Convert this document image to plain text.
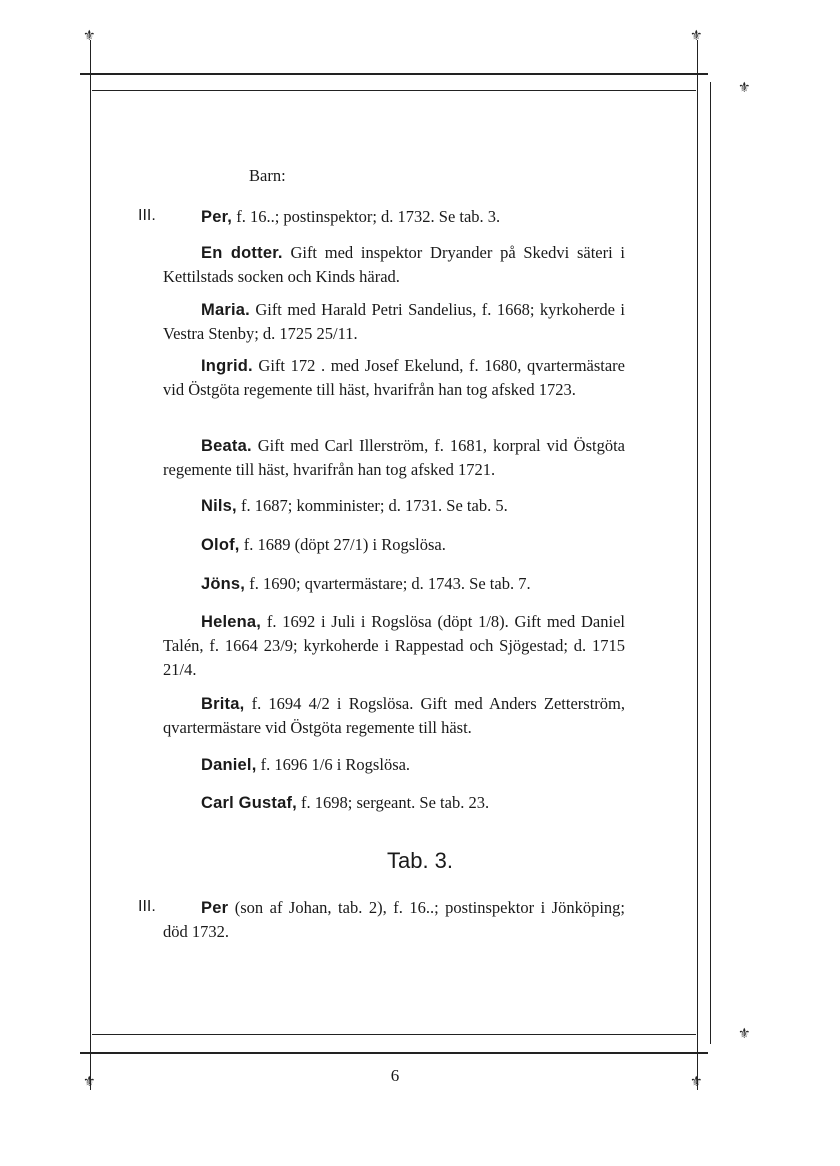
⚜	⚜
⚜	⚜
⚜
⚜
Barn:
III.	Per, f. 16..; postinspektor; d. 1732. Se tab. 3.
En dotter. Gift med inspektor Dryander på Skedvi säteri i Kettilstads socken och Kinds härad.
Maria. Gift med Harald Petri Sandelius, f. 1668; kyrkoherde i Vestra Stenby; d. 1725 25/11.
Ingrid. Gift 172 . med Josef Ekelund, f. 1680, qvartermästare vid Östgöta regemente till häst, hvarifrån han tog afsked 1723.
Beata. Gift med Carl Illerström, f. 1681, korpral vid Östgöta regemente till häst, hvarifrån han tog afsked 1721.
Nils, f. 1687; komminister; d. 1731. Se tab. 5.
Olof, f. 1689 (döpt 27/1) i Rogslösa.
Jöns, f. 1690; qvartermästare; d. 1743. Se tab. 7.
Helena, f. 1692 i Juli i Rogslösa (döpt 1/8). Gift med Daniel Talén, f. 1664 23/9; kyrkoherde i Rappestad och Sjögestad; d. 1715 21/4.
Brita, f. 1694 4/2 i Rogslösa. Gift med Anders Zetterström, qvartermästare vid Östgöta regemente till häst.
Daniel, f. 1696 1/6 i Rogslösa.
Carl Gustaf, f. 1698; sergeant. Se tab. 23.
Tab. 3.
III.	Per (son af Johan, tab. 2), f. 16..; postinspektor i Jönköping; död 1732.
6
